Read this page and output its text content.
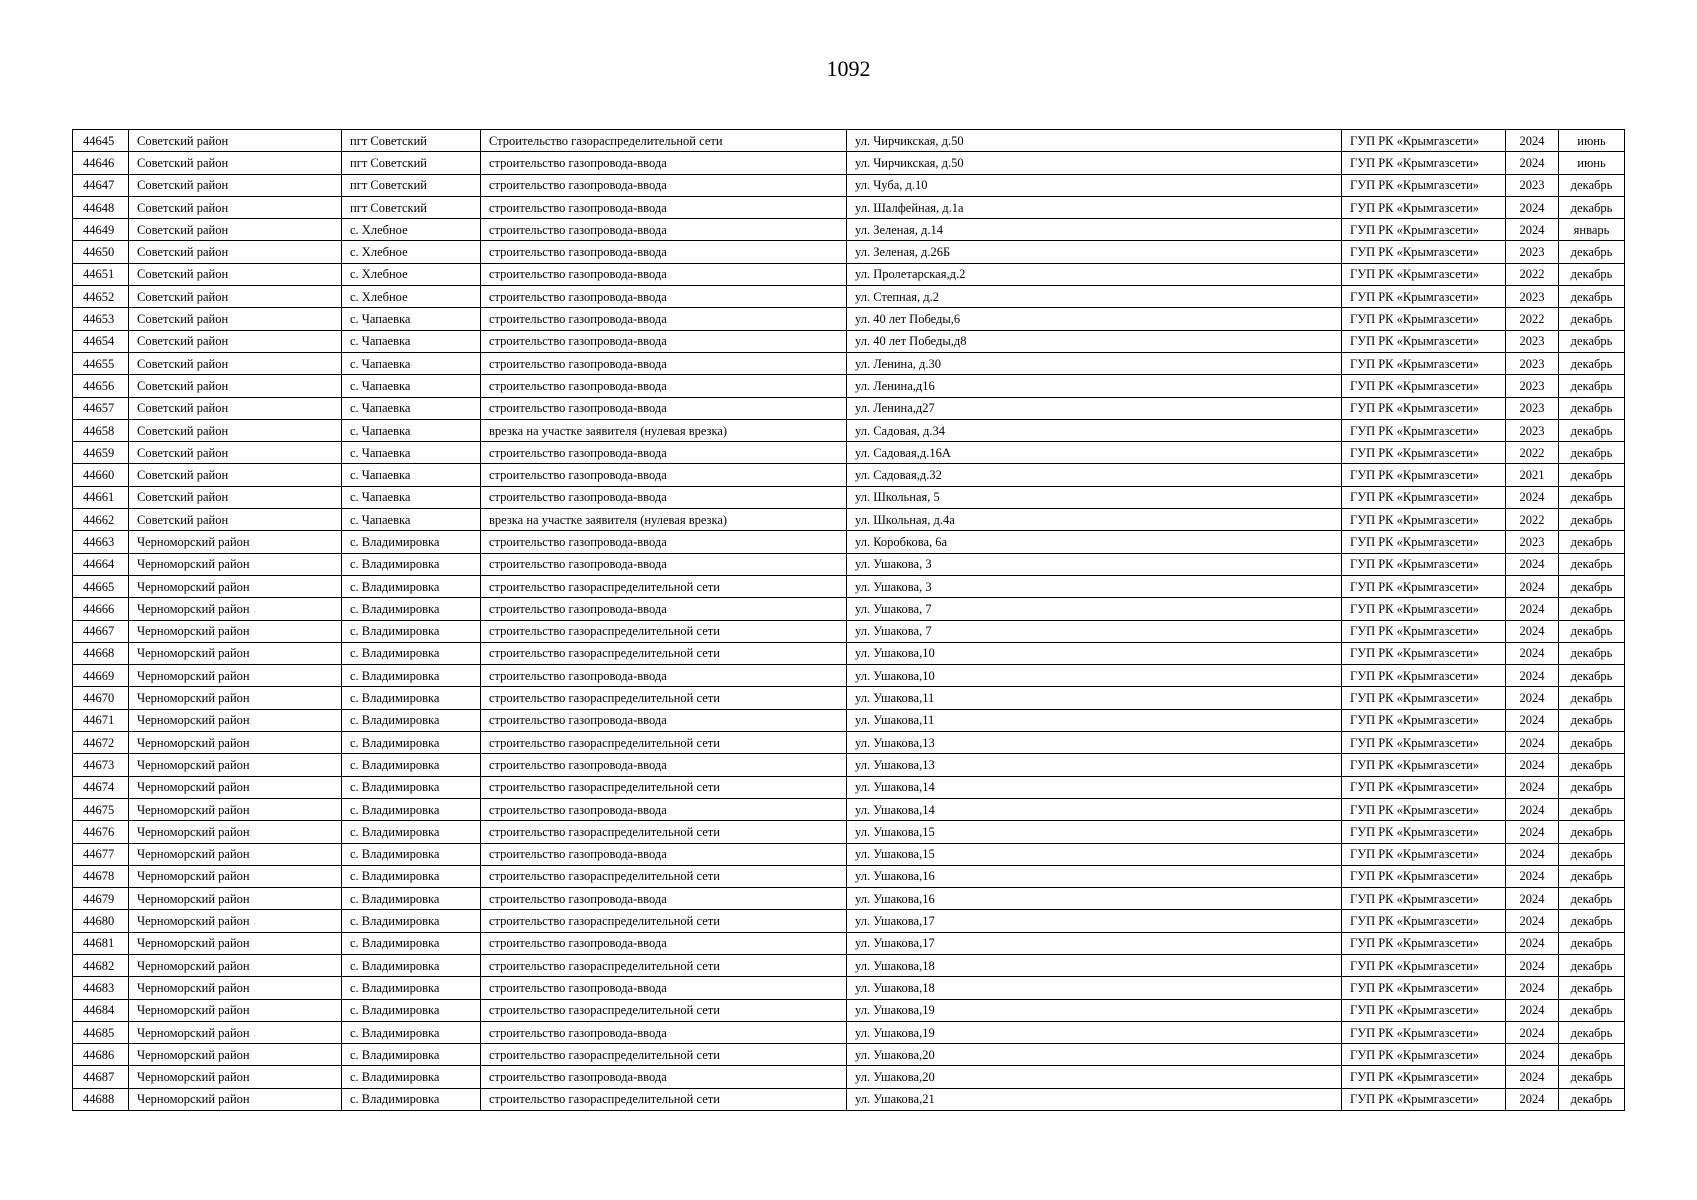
1092
44645	Советский район	пгт Советский	Строительство газораспределительной сети	ул. Чирчикская, д.50	ГУП РК «Крымгазсети»	2024	июнь
44646	Советский район	пгт Советский	строительство газопровода-ввода	ул. Чирчикская, д.50	ГУП РК «Крымгазсети»	2024	июнь
44647	Советский район	пгт Советский	строительство газопровода-ввода	ул. Чуба, д.10	ГУП РК «Крымгазсети»	2023	декабрь
44648	Советский район	пгт Советский	строительство газопровода-ввода	ул. Шалфейная, д.1а	ГУП РК «Крымгазсети»	2024	декабрь
44649	Советский район	с. Хлебное	строительство газопровода-ввода	ул. Зеленая, д.14	ГУП РК «Крымгазсети»	2024	январь
44650	Советский район	с. Хлебное	строительство газопровода-ввода	ул. Зеленая, д.26Б	ГУП РК «Крымгазсети»	2023	декабрь
44651	Советский район	с. Хлебное	строительство газопровода-ввода	ул. Пролетарская,д.2	ГУП РК «Крымгазсети»	2022	декабрь
44652	Советский район	с. Хлебное	строительство газопровода-ввода	ул. Степная, д.2	ГУП РК «Крымгазсети»	2023	декабрь
44653	Советский район	с. Чапаевка	строительство газопровода-ввода	ул. 40 лет Победы,6	ГУП РК «Крымгазсети»	2022	декабрь
44654	Советский район	с. Чапаевка	строительство газопровода-ввода	ул. 40 лет Победы,д8	ГУП РК «Крымгазсети»	2023	декабрь
44655	Советский район	с. Чапаевка	строительство газопровода-ввода	ул. Ленина, д.30	ГУП РК «Крымгазсети»	2023	декабрь
44656	Советский район	с. Чапаевка	строительство газопровода-ввода	ул. Ленина,д16	ГУП РК «Крымгазсети»	2023	декабрь
44657	Советский район	с. Чапаевка	строительство газопровода-ввода	ул. Ленина,д27	ГУП РК «Крымгазсети»	2023	декабрь
44658	Советский район	с. Чапаевка	врезка на участке заявителя (нулевая врезка)	ул. Садовая, д.34	ГУП РК «Крымгазсети»	2023	декабрь
44659	Советский район	с. Чапаевка	строительство газопровода-ввода	ул. Садовая,д.16А	ГУП РК «Крымгазсети»	2022	декабрь
44660	Советский район	с. Чапаевка	строительство газопровода-ввода	ул. Садовая,д.32	ГУП РК «Крымгазсети»	2021	декабрь
44661	Советский район	с. Чапаевка	строительство газопровода-ввода	ул. Школьная, 5	ГУП РК «Крымгазсети»	2024	декабрь
44662	Советский район	с. Чапаевка	врезка на участке заявителя (нулевая врезка)	ул. Школьная, д.4а	ГУП РК «Крымгазсети»	2022	декабрь
44663	Черноморский район	с. Владимировка	строительство газопровода-ввода	ул. Коробкова, 6а	ГУП РК «Крымгазсети»	2023	декабрь
44664	Черноморский район	с. Владимировка	строительство газопровода-ввода	ул. Ушакова, 3	ГУП РК «Крымгазсети»	2024	декабрь
44665	Черноморский район	с. Владимировка	строительство газораспределительной сети	ул. Ушакова, 3	ГУП РК «Крымгазсети»	2024	декабрь
44666	Черноморский район	с. Владимировка	строительство газопровода-ввода	ул. Ушакова, 7	ГУП РК «Крымгазсети»	2024	декабрь
44667	Черноморский район	с. Владимировка	строительство газораспределительной сети	ул. Ушакова, 7	ГУП РК «Крымгазсети»	2024	декабрь
44668	Черноморский район	с. Владимировка	строительство газораспределительной сети	ул. Ушакова,10	ГУП РК «Крымгазсети»	2024	декабрь
44669	Черноморский район	с. Владимировка	строительство газопровода-ввода	ул. Ушакова,10	ГУП РК «Крымгазсети»	2024	декабрь
44670	Черноморский район	с. Владимировка	строительство газораспределительной сети	ул. Ушакова,11	ГУП РК «Крымгазсети»	2024	декабрь
44671	Черноморский район	с. Владимировка	строительство газопровода-ввода	ул. Ушакова,11	ГУП РК «Крымгазсети»	2024	декабрь
44672	Черноморский район	с. Владимировка	строительство газораспределительной сети	ул. Ушакова,13	ГУП РК «Крымгазсети»	2024	декабрь
44673	Черноморский район	с. Владимировка	строительство газопровода-ввода	ул. Ушакова,13	ГУП РК «Крымгазсети»	2024	декабрь
44674	Черноморский район	с. Владимировка	строительство газораспределительной сети	ул. Ушакова,14	ГУП РК «Крымгазсети»	2024	декабрь
44675	Черноморский район	с. Владимировка	строительство газопровода-ввода	ул. Ушакова,14	ГУП РК «Крымгазсети»	2024	декабрь
44676	Черноморский район	с. Владимировка	строительство газораспределительной сети	ул. Ушакова,15	ГУП РК «Крымгазсети»	2024	декабрь
44677	Черноморский район	с. Владимировка	строительство газопровода-ввода	ул. Ушакова,15	ГУП РК «Крымгазсети»	2024	декабрь
44678	Черноморский район	с. Владимировка	строительство газораспределительной сети	ул. Ушакова,16	ГУП РК «Крымгазсети»	2024	декабрь
44679	Черноморский район	с. Владимировка	строительство газопровода-ввода	ул. Ушакова,16	ГУП РК «Крымгазсети»	2024	декабрь
44680	Черноморский район	с. Владимировка	строительство газораспределительной сети	ул. Ушакова,17	ГУП РК «Крымгазсети»	2024	декабрь
44681	Черноморский район	с. Владимировка	строительство газопровода-ввода	ул. Ушакова,17	ГУП РК «Крымгазсети»	2024	декабрь
44682	Черноморский район	с. Владимировка	строительство газораспределительной сети	ул. Ушакова,18	ГУП РК «Крымгазсети»	2024	декабрь
44683	Черноморский район	с. Владимировка	строительство газопровода-ввода	ул. Ушакова,18	ГУП РК «Крымгазсети»	2024	декабрь
44684	Черноморский район	с. Владимировка	строительство газораспределительной сети	ул. Ушакова,19	ГУП РК «Крымгазсети»	2024	декабрь
44685	Черноморский район	с. Владимировка	строительство газопровода-ввода	ул. Ушакова,19	ГУП РК «Крымгазсети»	2024	декабрь
44686	Черноморский район	с. Владимировка	строительство газораспределительной сети	ул. Ушакова,20	ГУП РК «Крымгазсети»	2024	декабрь
44687	Черноморский район	с. Владимировка	строительство газопровода-ввода	ул. Ушакова,20	ГУП РК «Крымгазсети»	2024	декабрь
44688	Черноморский район	с. Владимировка	строительство газораспределительной сети	ул. Ушакова,21	ГУП РК «Крымгазсети»	2024	декабрь
